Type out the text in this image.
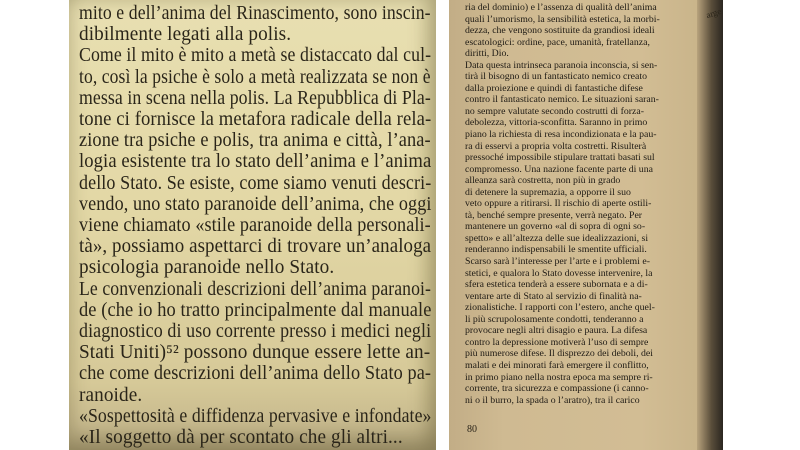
mito e dell’anima del Rinascimento, sono inscin-
dibilmente legati alla polis.
Come il mito è mito a metà se distaccato dal cul-
to, così la psiche è solo a metà realizzata se non è
messa in scena nella polis. La Repubblica di Pla-
tone ci fornisce la metafora radicale della rela-
zione tra psiche e polis, tra anima e città, l’ana-
logia esistente tra lo stato dell’anima e l’anima
dello Stato. Se esiste, come siamo venuti descri-
vendo, uno stato paranoide dell’anima, che oggi
viene chiamato «stile paranoide della personali-
tà», possiamo aspettarci di trovare un’analoga
psicologia paranoide nello Stato.
Le convenzionali descrizioni dell’anima paranoi-
de (che io ho tratto principalmente dal manuale
diagnostico di uso corrente presso i medici negli
Stati Uniti)⁵² possono dunque essere lette an-
che come descrizioni dell’anima dello Stato pa-
ranoide.
«Sospettosità e diffidenza pervasive e infondate»
«Il soggetto dà per scontato che gli altri...
arge
ria del dominio) e l’assenza di qualità dell’anima
quali l’umorismo, la sensibilità estetica, la morbi-
dezza, che vengono sostituite da grandiosi ideali
escatologici: ordine, pace, umanità, fratellanza,
diritti, Dio.
Data questa intrinseca paranoia inconscia, si sen-
tirà il bisogno di un fantasticato nemico creato
dalla proiezione e quindi di fantastiche difese
contro il fantasticato nemico. Le situazioni saran-
no sempre valutate secondo costrutti di forza-
debolezza, vittoria-sconfitta. Saranno in primo
piano la richiesta di resa incondizionata e la pau-
ra di esservi a propria volta costretti. Risulterà
pressoché impossibile stipulare trattati basati sul
compromesso. Una nazione facente parte di una
alleanza sarà costretta, non più in grado
di detenere la supremazia, a opporre il suo
veto oppure a ritirarsi. Il rischio di aperte ostili-
tà, benché sempre presente, verrà negato. Per
mantenere un governo «al di sopra di ogni so-
spetto» e all’altezza delle sue idealizzazioni, si
renderanno indispensabili le smentite ufficiali.
Scarso sarà l’interesse per l’arte e i problemi e-
stetici, e qualora lo Stato dovesse intervenire, la
sfera estetica tenderà a essere subornata e a di-
ventare arte di Stato al servizio di finalità na-
zionalistiche. I rapporti con l’estero, anche quel-
li più scrupolosamente condotti, tenderanno a
provocare negli altri disagio e paura. La difesa
contro la depressione motiverà l’uso di sempre
più numerose difese. Il disprezzo dei deboli, dei
malati e dei minorati farà emergere il conflitto,
in primo piano nella nostra epoca ma sempre ri-
corrente, tra sicurezza e compassione (i canno-
ni o il burro, la spada o l’aratro), tra il carico
80
